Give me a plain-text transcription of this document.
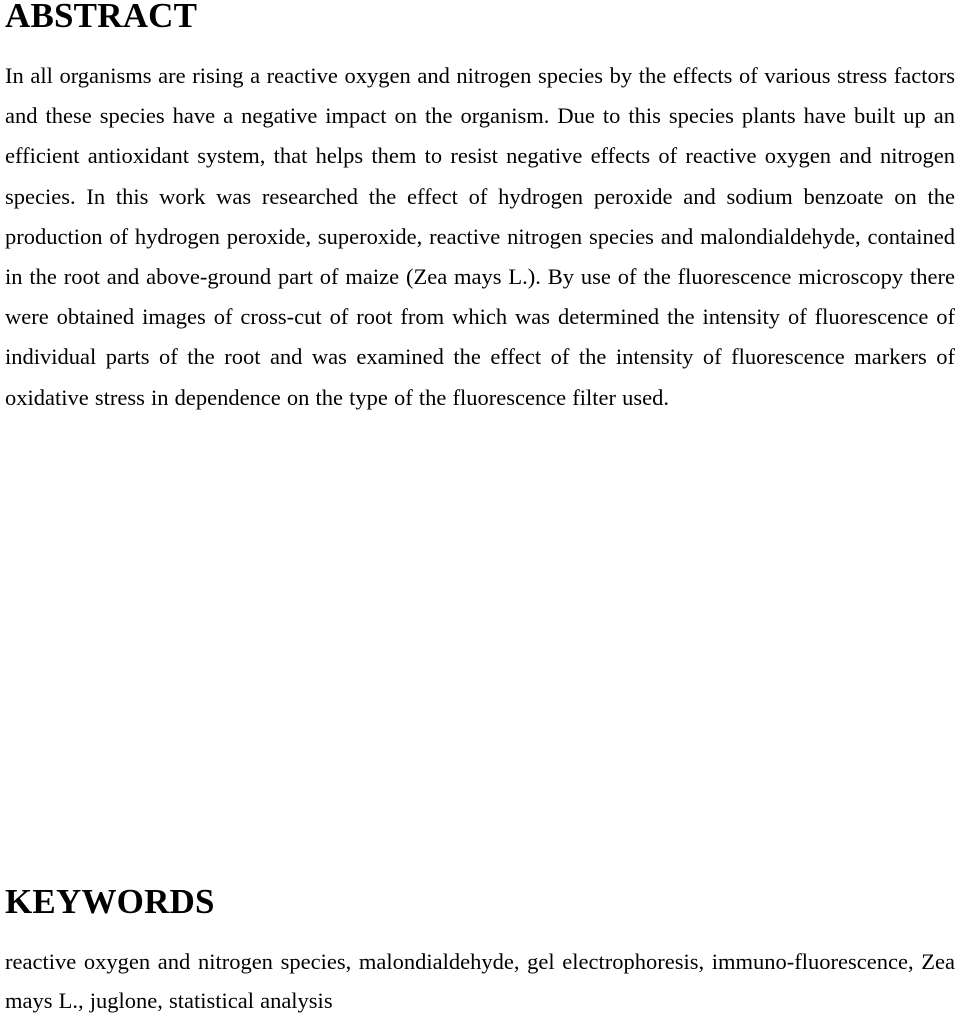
ABSTRACT

In all organisms are rising a reactive oxygen and nitrogen species by the effects of various stress factors and these species have a negative impact on the organism. Due to this species plants have built up an efficient antioxidant system, that helps them to resist negative effects of reactive oxygen and nitrogen species. In this work was researched the effect of hydrogen peroxide and sodium benzoate on the production of hydrogen peroxide, superoxide, reactive nitrogen species and malondialdehyde, contained in the root and above-ground part of maize (Zea mays L.). By use of the fluorescence microscopy there were obtained images of cross-cut of root from which was determined the intensity of fluorescence of individual parts of the root and was examined the effect of the intensity of fluorescence markers of oxidative stress in dependence on the type of the fluorescence filter used.

KEYWORDS

reactive oxygen and nitrogen species, malondialdehyde, gel electrophoresis, immuno-fluorescence, Zea mays L., juglone, statistical analysis
